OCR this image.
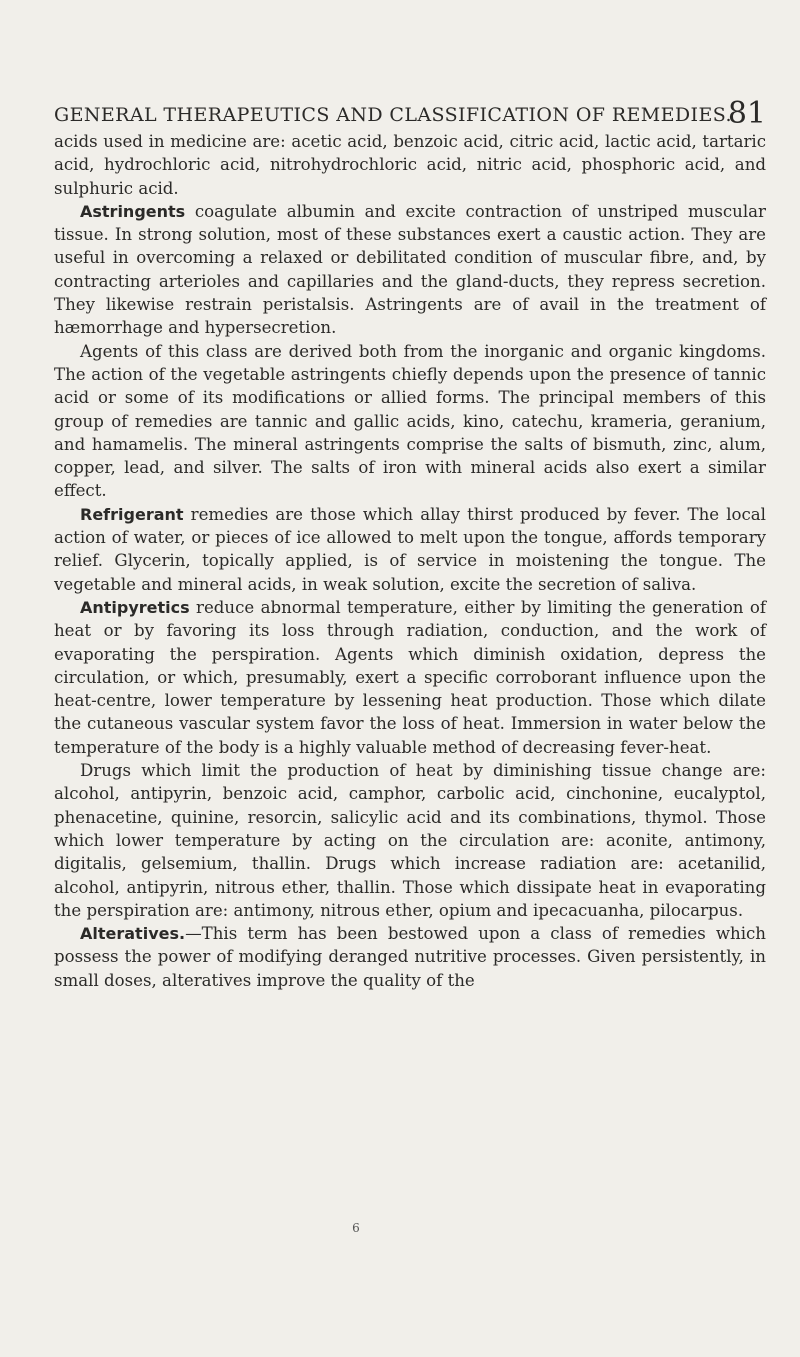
GENERAL THERAPEUTICS AND CLASSIFICATION OF REMEDIES.
81

acids used in medicine are: acetic acid, benzoic acid, citric acid, lactic acid, tartaric acid, hydrochloric acid, nitrohydrochloric acid, nitric acid, phosphoric acid, and sulphuric acid.

Astringents coagulate albumin and excite contraction of unstriped muscular tissue. In strong solution, most of these substances exert a caustic action. They are useful in overcoming a relaxed or debilitated condition of muscular fibre, and, by contracting arterioles and capillaries and the gland-ducts, they repress secretion. They likewise restrain peristalsis. Astringents are of avail in the treatment of hæmorrhage and hypersecretion.

Agents of this class are derived both from the inorganic and organic kingdoms. The action of the vegetable astringents chiefly depends upon the presence of tannic acid or some of its modifications or allied forms. The principal members of this group of remedies are tannic and gallic acids, kino, catechu, krameria, geranium, and hamamelis. The mineral astringents comprise the salts of bismuth, zinc, alum, copper, lead, and silver. The salts of iron with mineral acids also exert a similar effect.

Refrigerant remedies are those which allay thirst produced by fever. The local action of water, or pieces of ice allowed to melt upon the tongue, affords temporary relief. Glycerin, topically applied, is of service in moistening the tongue. The vegetable and mineral acids, in weak solution, excite the secretion of saliva.

Antipyretics reduce abnormal temperature, either by limiting the generation of heat or by favoring its loss through radiation, conduction, and the work of evaporating the perspiration. Agents which diminish oxidation, depress the circulation, or which, presumably, exert a specific corroborant influence upon the heat-centre, lower temperature by lessening heat production. Those which dilate the cutaneous vascular system favor the loss of heat. Immersion in water below the temperature of the body is a highly valuable method of decreasing fever-heat.

Drugs which limit the production of heat by diminishing tissue change are: alcohol, antipyrin, benzoic acid, camphor, carbolic acid, cinchonine, eucalyptol, phenacetine, quinine, resorcin, salicylic acid and its combinations, thymol. Those which lower temperature by acting on the circulation are: aconite, antimony, digitalis, gelsemium, thallin. Drugs which increase radiation are: acetanilid, alcohol, antipyrin, nitrous ether, thallin. Those which dissipate heat in evaporating the perspiration are: antimony, nitrous ether, opium and ipecacuanha, pilocarpus.

Alteratives.—This term has been bestowed upon a class of remedies which possess the power of modifying deranged nutritive processes. Given persistently, in small doses, alteratives improve the quality of the

6
